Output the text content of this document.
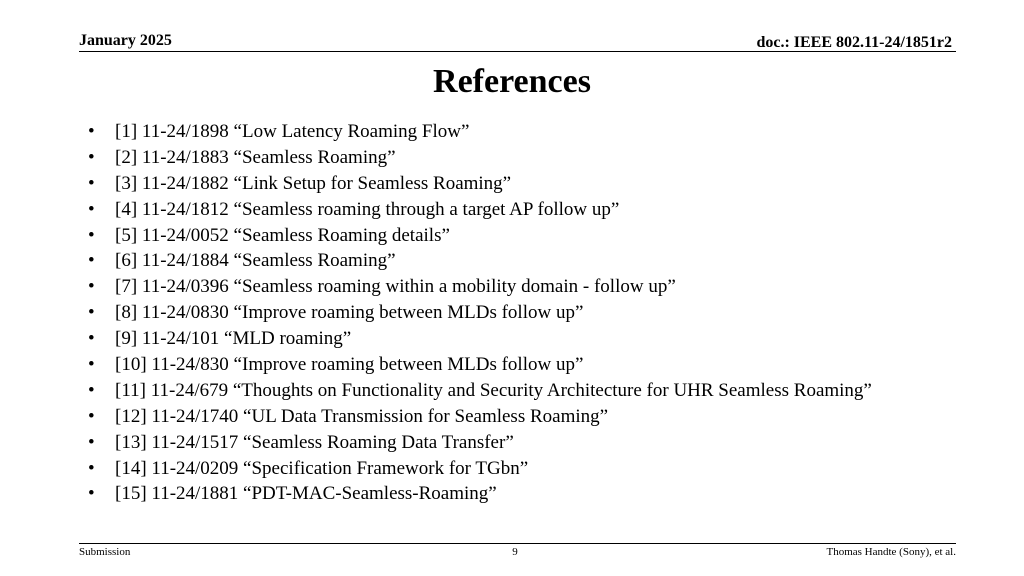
January 2025	doc.: IEEE 802.11-24/1851r2
References
• [1] 11-24/1898 “Low Latency Roaming Flow”
• [2] 11-24/1883 “Seamless Roaming”
• [3] 11-24/1882 “Link Setup for Seamless Roaming”
• [4] 11-24/1812 “Seamless roaming through a target AP follow up”
• [5] 11-24/0052 “Seamless Roaming details”
• [6] 11-24/1884 “Seamless Roaming”
• [7] 11-24/0396 “Seamless roaming within a mobility domain - follow up”
• [8] 11-24/0830 “Improve roaming between MLDs follow up”
• [9] 11-24/101 “MLD roaming”
• [10] 11-24/830 “Improve roaming between MLDs follow up”
• [11] 11-24/679 “Thoughts on Functionality and Security Architecture for UHR Seamless Roaming”
• [12] 11-24/1740 “UL Data Transmission for Seamless Roaming”
• [13] 11-24/1517 “Seamless Roaming Data Transfer”
• [14] 11-24/0209 “Specification Framework for TGbn”
• [15] 11-24/1881 “PDT-MAC-Seamless-Roaming”
Submission	9	Thomas Handte (Sony), et al.
